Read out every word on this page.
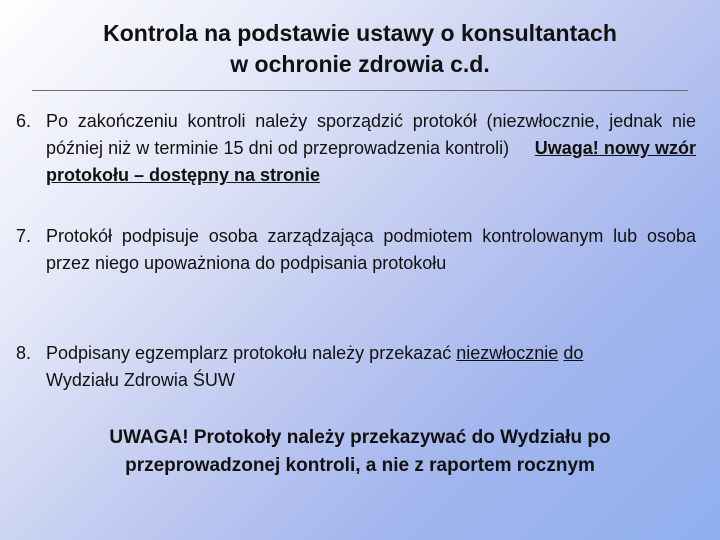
Kontrola na podstawie ustawy o konsultantach
w ochronie zdrowia c.d.
6. Po zakończeniu kontroli należy sporządzić protokół (niezwłocznie, jednak nie później niż w terminie 15 dni od przeprowadzenia kontroli) Uwaga! nowy wzór protokołu – dostępny na stronie
7. Protokół podpisuje osoba zarządzająca podmiotem kontrolowanym lub osoba przez niego upoważniona do podpisania protokołu
8. Podpisany egzemplarz protokołu należy przekazać niezwłocznie do
Wydziału Zdrowia ŚUW
UWAGA! Protokoły należy przekazywać do Wydziału po
przeprowadzonej kontroli, a nie z raportem rocznym
